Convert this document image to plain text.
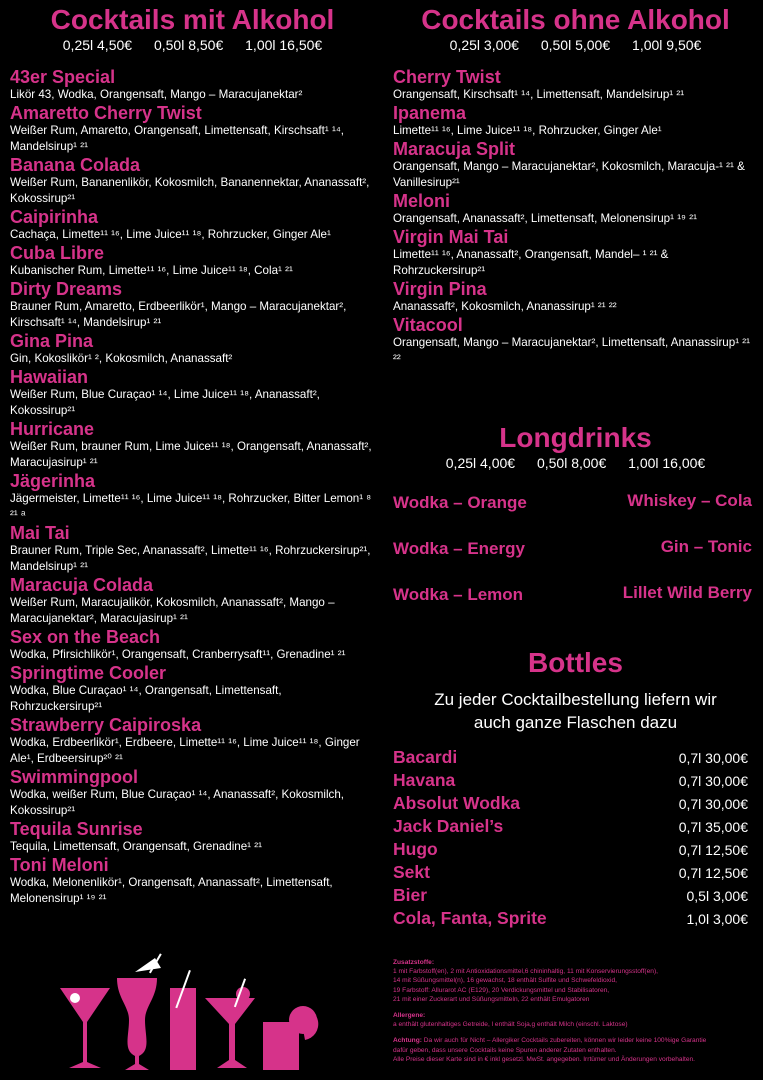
Cocktails mit Alkohol
0,25l 4,50€ 0,50l 8,50€ 1,00l 16,50€
43er Special
Likör 43, Wodka, Orangensaft, Mango – Maracujanektar²
Amaretto Cherry Twist
Weißer Rum, Amaretto, Orangensaft, Limettensaft, Kirschsaft¹ ¹⁴, Mandelsirup¹ ²¹
Banana Colada
Weißer Rum, Bananenlikör, Kokosmilch, Bananennektar, Ananassaft², Kokossirup²¹
Caipirinha
Cachaça, Limette¹¹ ¹⁶, Lime Juice¹¹ ¹⁸, Rohrzucker, Ginger Ale¹
Cuba Libre
Kubanischer Rum, Limette¹¹ ¹⁶, Lime Juice¹¹ ¹⁸, Cola¹ ²¹
Dirty Dreams
Brauner Rum, Amaretto, Erdbeerlikör¹, Mango – Maracujanektar², Kirschsaft¹ ¹⁴, Mandelsirup¹ ²¹
Gina Pina
Gin, Kokoslikör¹ ², Kokosmilch, Ananassaft²
Hawaiian
Weißer Rum, Blue Curaçao¹ ¹⁴, Lime Juice¹¹ ¹⁸, Ananassaft², Kokossirup²¹
Hurricane
Weißer Rum, brauner Rum, Lime Juice¹¹ ¹⁸, Orangensaft, Ananassaft², Maracujasirup¹ ²¹
Jägerinha
Jägermeister, Limette¹¹ ¹⁶, Lime Juice¹¹ ¹⁸, Rohrzucker, Bitter Lemon¹ ⁸ ²¹ ᵃ
Mai Tai
Brauner Rum, Triple Sec, Ananassaft², Limette¹¹ ¹⁶, Rohrzuckersirup²¹, Mandelsirup¹ ²¹
Maracuja Colada
Weißer Rum, Maracujalikör, Kokosmilch, Ananassaft², Mango – Maracujanektar², Maracujasirup¹ ²¹
Sex on the Beach
Wodka, Pfirsichlikör¹, Orangensaft, Cranberrysaft¹¹, Grenadine¹ ²¹
Springtime Cooler
Wodka, Blue Curaçao¹ ¹⁴, Orangensaft, Limettensaft, Rohrzuckersirup²¹
Strawberry Caipiroska
Wodka, Erdbeerlikör¹, Erdbeere, Limette¹¹ ¹⁶, Lime Juice¹¹ ¹⁸, Ginger Ale¹, Erdbeersirup²⁰ ²¹
Swimmingpool
Wodka, weißer Rum, Blue Curaçao¹ ¹⁴, Ananassaft², Kokosmilch, Kokossirup²¹
Tequila Sunrise
Tequila, Limettensaft, Orangensaft, Grenadine¹ ²¹
Toni Meloni
Wodka, Melonenlikör¹, Orangensaft, Ananassaft², Limettensaft, Melonensirup¹ ¹⁹ ²¹
Cocktails ohne Alkohol
0,25l 3,00€ 0,50l 5,00€ 1,00l 9,50€
Cherry Twist
Orangensaft, Kirschsaft¹ ¹⁴, Limettensaft, Mandelsirup¹ ²¹
Ipanema
Limette¹¹ ¹⁶, Lime Juice¹¹ ¹⁸, Rohrzucker, Ginger Ale¹
Maracuja Split
Orangensaft, Mango – Maracujanektar², Kokosmilch, Maracuja-¹ ²¹ & Vanillesirup²¹
Meloni
Orangensaft, Ananassaft², Limettensaft, Melonensirup¹ ¹⁹ ²¹
Virgin Mai Tai
Limette¹¹ ¹⁶, Ananassaft², Orangensaft, Mandel– ¹ ²¹ & Rohrzuckersirup²¹
Virgin Pina
Ananassaft², Kokosmilch, Ananassirup¹ ²¹ ²²
Vitacool
Orangensaft, Mango – Maracujanektar², Limettensaft, Ananassirup¹ ²¹ ²²
Longdrinks
0,25l 4,00€ 0,50l 8,00€ 1,00l 16,00€
Wodka – Orange
Wodka – Energy
Wodka – Lemon
Whiskey – Cola
Gin – Tonic
Lillet Wild Berry
Bottles
Zu jeder Cocktailbestellung liefern wir
auch ganze Flaschen dazu
Bacardi	0,7l 30,00€
Havana	0,7l 30,00€
Absolut Wodka	0,7l 30,00€
Jack Daniel’s	0,7l 35,00€
Hugo	0,7l 12,50€
Sekt	0,7l 12,50€
Bier	0,5l 3,00€
Cola, Fanta, Sprite	1,0l 3,00€

Zusatzstoffe:

1 mit Farbstoff(en), 2 mit Antioxidationsmittel,6 chininhaltig, 11 mit Konservierungsstoff(en),

14 mit Süßungsmittel(n), 16 gewachst, 18 enthält Sulfite und Schwefeldioxid,

19 Farbstoff: Allurarot AC (E129), 20 Verdickungsmittel und Stabilisatoren,

21 mit einer Zuckerart und Süßungsmitteln, 22 enthält Emulgatoren

Allergene:

a enthält glutenhaltiges Getreide, l enthält Soja,g enthält Milch (einschl. Laktose)

Achtung: Da wir auch für Nicht – Allergiker Cocktails zubereiten, können wir leider keine 100%ige Garantie

dafür geben, dass unsere Cocktails keine Spuren anderer Zutaten enthalten.

Alle Preise dieser Karte sind in € inkl gesetzl. MwSt. angegeben. Irrtümer und Änderungen vorbehalten.
